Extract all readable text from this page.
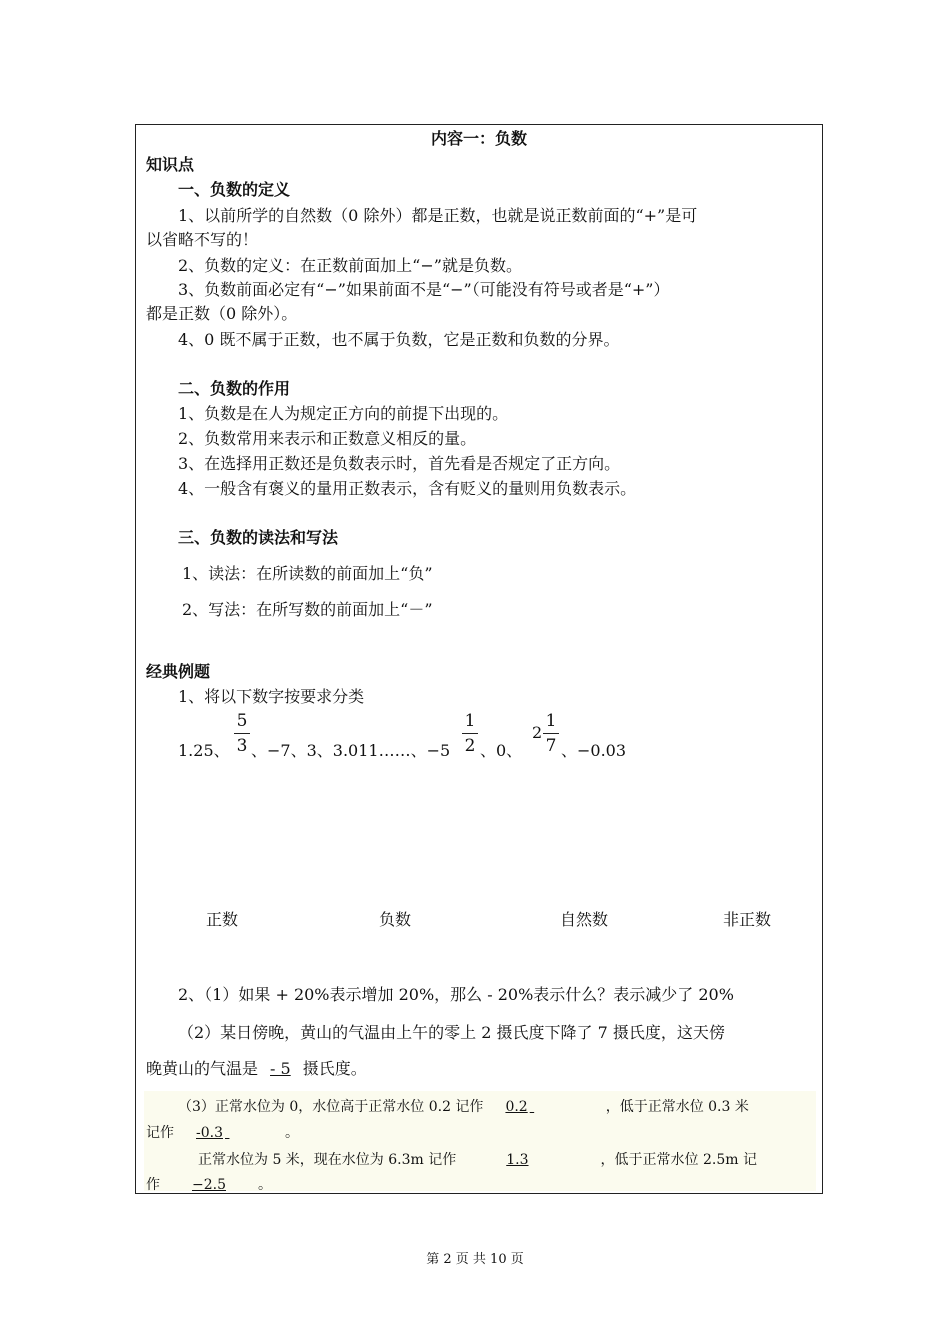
内容一：负数
知识点
一、负数的定义
1、以前所学的自然数（0 除外）都是正数，也就是说正数前面的“+”是可
以省略不写的！
2、负数的定义：在正数前面加上“−”就是负数。
3、负数前面必定有“−”如果前面不是“−”（可能没有符号或者是“+”）
都是正数（0 除外）。
4、0 既不属于正数，也不属于负数，它是正数和负数的分界。
二、负数的作用
1、负数是在人为规定正方向的前提下出现的。
2、负数常用来表示和正数意义相反的量。
3、在选择用正数还是负数表示时，首先看是否规定了正方向。
4、一般含有褒义的量用正数表示，含有贬义的量则用负数表示。
三、负数的读法和写法
1、读法：在所读数的前面加上“负”
2、写法：在所写数的前面加上“－”
经典例题
1、将以下数字按要求分类
1.25、
5
3 、−7、3、3.011……、−5
1
2 、0、
2
1
7 、−0.03
正数	负数	自然数	非正数
2、（1）如果 + 20%表示增加 20%，那么 - 20%表示什么？表示减少了 20%
（2）某日傍晚，黄山的气温由上午的零上 2 摄氏度下降了 7 摄氏度，这天傍
晚黄山的气温是 - 5 摄氏度。
（3）正常水位为 0，水位高于正常水位 0.2 记作 0.2	，低于正常水位 0.3 米
记作 -0.3	。
正常水位为 5 米，现在水位为 6.3m 记作	1.3	，低于正常水位 2.5m 记
作 −2.5 。
第 2 页 共 10 页
